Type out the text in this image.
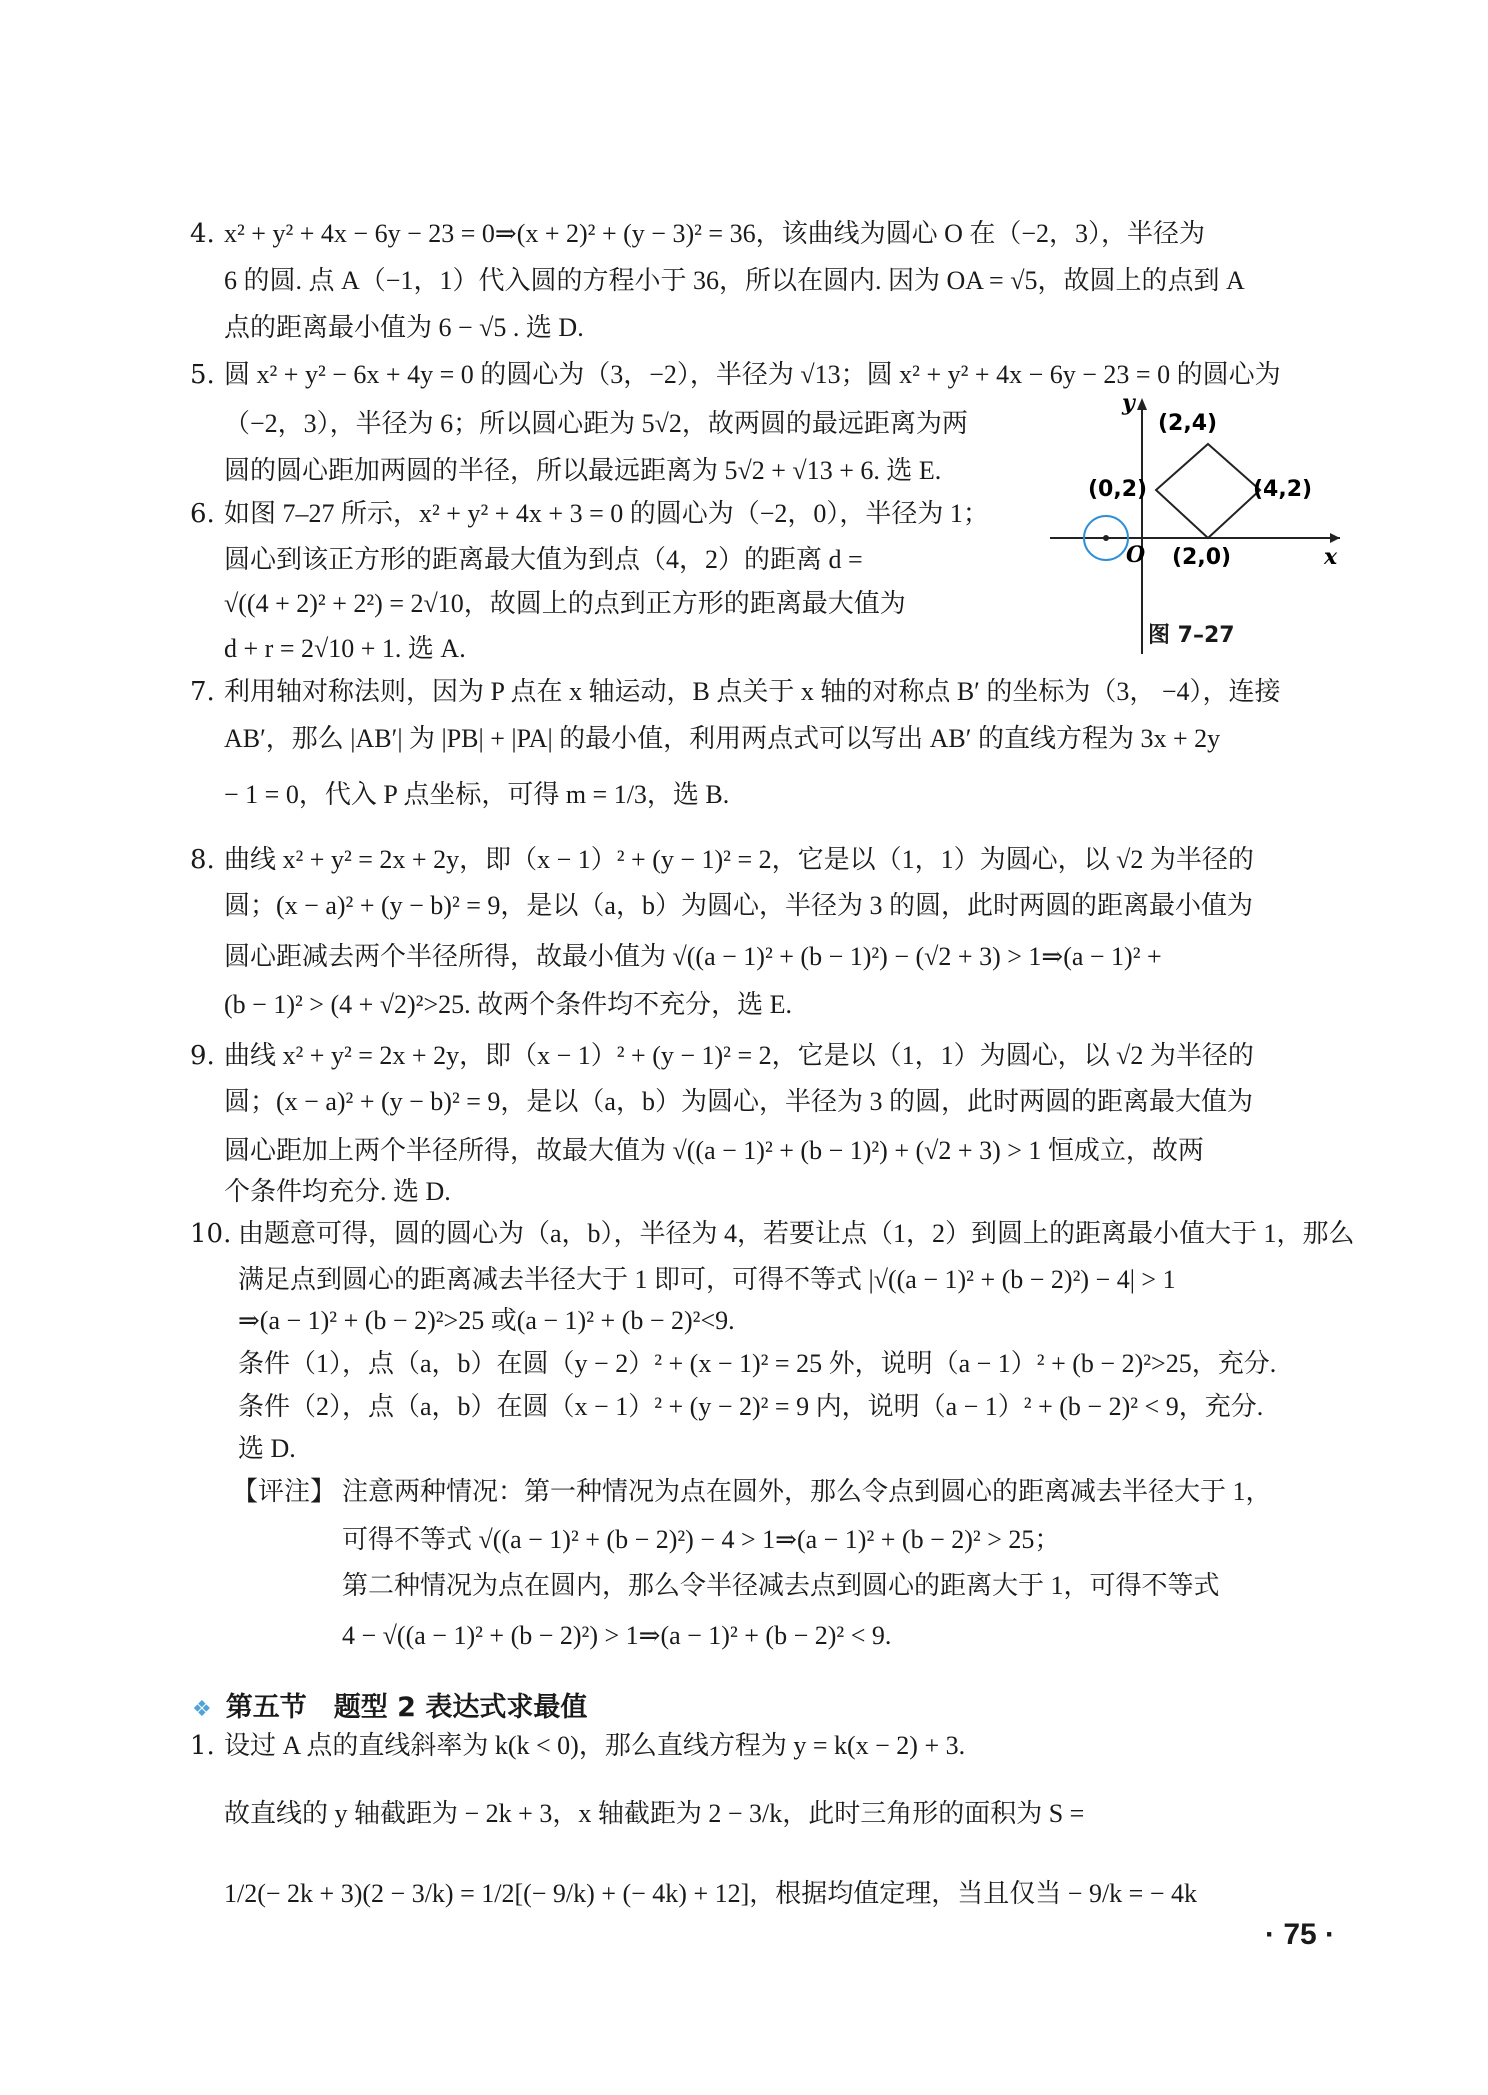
4. x² + y² + 4x − 6y − 23 = 0⇒(x + 2)² + (y − 3)² = 36，该曲线为圆心 O 在（−2，3），半径为
6 的圆. 点 A（−1，1）代入圆的方程小于 36，所以在圆内. 因为 OA = √5，故圆上的点到 A
点的距离最小值为 6 − √5 . 选 D.
5. 圆 x² + y² − 6x + 4y = 0 的圆心为（3，−2），半径为 √13；圆 x² + y² + 4x − 6y − 23 = 0 的圆心为
（−2，3），半径为 6；所以圆心距为 5√2，故两圆的最远距离为两
圆的圆心距加两圆的半径，所以最远距离为 5√2 + √13 + 6. 选 E.
6. 如图 7–27 所示，x² + y² + 4x + 3 = 0 的圆心为（−2，0），半径为 1；
圆心到该正方形的距离最大值为到点（4，2）的距离 d =
√((4 + 2)² + 2²) = 2√10，故圆上的点到正方形的距离最大值为
d + r = 2√10 + 1. 选 A.
(2,4)
(0,2)	(4,2)
(2,0)
y
x
O
图 7–27
7. 利用轴对称法则，因为 P 点在 x 轴运动，B 点关于 x 轴的对称点 B′ 的坐标为（3， −4），连接
AB′，那么 |AB′| 为 |PB| + |PA| 的最小值，利用两点式可以写出 AB′ 的直线方程为 3x + 2y
− 1 = 0，代入 P 点坐标，可得 m = 1/3，选 B.
8. 曲线 x² + y² = 2x + 2y，即（x − 1）² + (y − 1)² = 2，它是以（1，1）为圆心，以 √2 为半径的
圆；(x − a)² + (y − b)² = 9，是以（a，b）为圆心，半径为 3 的圆，此时两圆的距离最小值为
圆心距减去两个半径所得，故最小值为 √((a − 1)² + (b − 1)²) − (√2 + 3) > 1⇒(a − 1)² +
(b − 1)² > (4 + √2)²>25. 故两个条件均不充分，选 E.
9. 曲线 x² + y² = 2x + 2y，即（x − 1）² + (y − 1)² = 2，它是以（1，1）为圆心，以 √2 为半径的
圆；(x − a)² + (y − b)² = 9，是以（a，b）为圆心，半径为 3 的圆，此时两圆的距离最大值为
圆心距加上两个半径所得，故最大值为 √((a − 1)² + (b − 1)²) + (√2 + 3) > 1 恒成立，故两
个条件均充分. 选 D.
10. 由题意可得，圆的圆心为（a，b），半径为 4，若要让点（1，2）到圆上的距离最小值大于 1，那么
满足点到圆心的距离减去半径大于 1 即可，可得不等式 |√((a − 1)² + (b − 2)²) − 4| > 1
⇒(a − 1)² + (b − 2)²>25 或(a − 1)² + (b − 2)²<9.
条件（1），点（a，b）在圆（y − 2）² + (x − 1)² = 25 外，说明（a − 1）² + (b − 2)²>25，充分.
条件（2），点（a，b）在圆（x − 1）² + (y − 2)² = 9 内，说明（a − 1）² + (b − 2)² < 9，充分.
选 D.
【评注】 注意两种情况：第一种情况为点在圆外，那么令点到圆心的距离减去半径大于 1，
可得不等式 √((a − 1)² + (b − 2)²) − 4 > 1⇒(a − 1)² + (b − 2)² > 25；
第二种情况为点在圆内，那么令半径减去点到圆心的距离大于 1，可得不等式
4 − √((a − 1)² + (b − 2)²) > 1⇒(a − 1)² + (b − 2)² < 9.
❖ 第五节　题型 2 表达式求最值
1. 设过 A 点的直线斜率为 k(k < 0)，那么直线方程为 y = k(x − 2) + 3.
故直线的 y 轴截距为 − 2k + 3，x 轴截距为 2 − 3/k，此时三角形的面积为 S =
1/2(− 2k + 3)(2 − 3/k) = 1/2[(− 9/k) + (− 4k) + 12]，根据均值定理，当且仅当 − 9/k = − 4k
· 75 ·
